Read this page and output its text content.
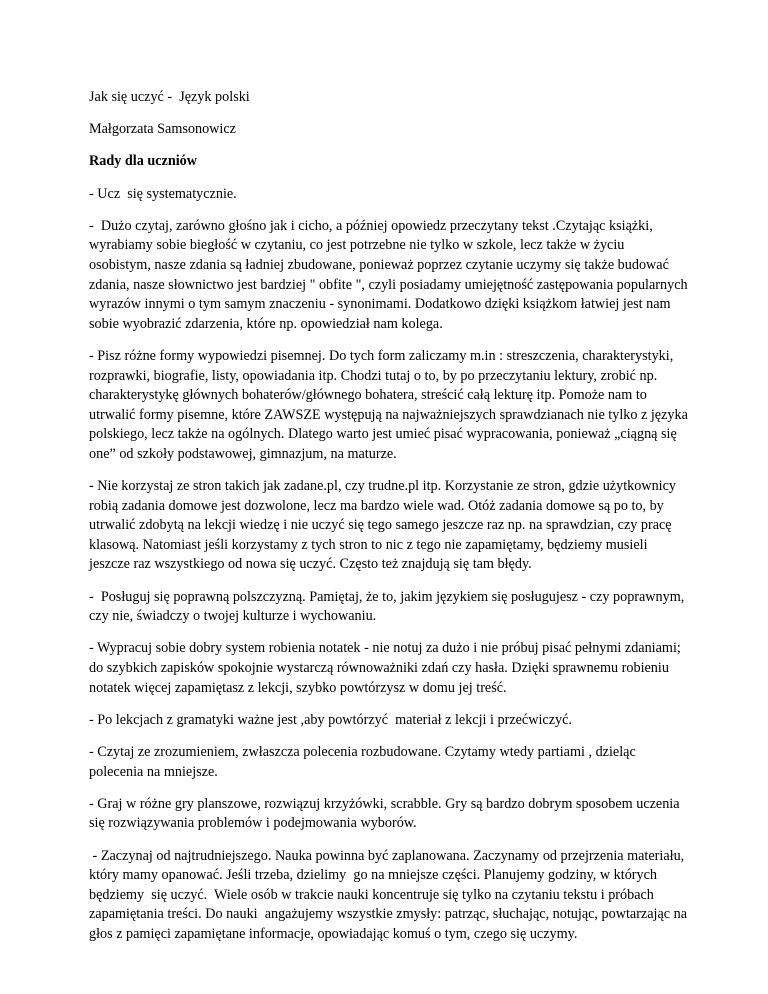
Jak się uczyć -  Język polski
Małgorzata Samsonowicz
Rady dla uczniów
- Ucz  się systematycznie.
-  Dużo czytaj, zarówno głośno jak i cicho, a później opowiedz przeczytany tekst .Czytając książki, wyrabiamy sobie biegłość w czytaniu, co jest potrzebne nie tylko w szkole, lecz także w życiu osobistym, nasze zdania są ładniej zbudowane, ponieważ poprzez czytanie uczymy się także budować zdania, nasze słownictwo jest bardziej " obfite ", czyli posiadamy umiejętność zastępowania popularnych wyrazów innymi o tym samym znaczeniu - synonimami. Dodatkowo dzięki książkom łatwiej jest nam sobie wyobrazić zdarzenia, które np. opowiedział nam kolega.
- Pisz różne formy wypowiedzi pisemnej. Do tych form zaliczamy m.in : streszczenia, charakterystyki, rozprawki, biografie, listy, opowiadania itp. Chodzi tutaj o to, by po przeczytaniu lektury, zrobić np. charakterystykę głównych bohaterów/głównego bohatera, streścić całą lekturę itp. Pomoże nam to utrwalić formy pisemne, które ZAWSZE występują na najważniejszych sprawdzianach nie tylko z języka polskiego, lecz także na ogólnych. Dlatego warto jest umieć pisać wypracowania, ponieważ „ciągną się one” od szkoły podstawowej, gimnazjum, na maturze.
- Nie korzystaj ze stron takich jak zadane.pl, czy trudne.pl itp. Korzystanie ze stron, gdzie użytkownicy robią zadania domowe jest dozwolone, lecz ma bardzo wiele wad. Otóż zadania domowe są po to, by utrwalić zdobytą na lekcji wiedzę i nie uczyć się tego samego jeszcze raz np. na sprawdzian, czy pracę klasową. Natomiast jeśli korzystamy z tych stron to nic z tego nie zapamiętamy, będziemy musieli jeszcze raz wszystkiego od nowa się uczyć. Często też znajdują się tam błędy.
-  Posługuj się poprawną polszczyzną. Pamiętaj, że to, jakim językiem się posługujesz - czy poprawnym, czy nie, świadczy o twojej kulturze i wychowaniu.
- Wypracuj sobie dobry system robienia notatek - nie notuj za dużo i nie próbuj pisać pełnymi zdaniami; do szybkich zapisków spokojnie wystarczą równoważniki zdań czy hasła. Dzięki sprawnemu robieniu notatek więcej zapamiętasz z lekcji, szybko powtórzysz w domu jej treść.
- Po lekcjach z gramatyki ważne jest ,aby powtórzyć  materiał z lekcji i przećwiczyć.
- Czytaj ze zrozumieniem, zwłaszcza polecenia rozbudowane. Czytamy wtedy partiami , dzieląc polecenia na mniejsze.
- Graj w różne gry planszowe, rozwiązuj krzyżówki, scrabble. Gry są bardzo dobrym sposobem uczenia się rozwiązywania problemów i podejmowania wyborów.
- Zaczynaj od najtrudniejszego. Nauka powinna być zaplanowana. Zaczynamy od przejrzenia materiału, który mamy opanować. Jeśli trzeba, dzielimy  go na mniejsze części. Planujemy godziny, w których będziemy  się uczyć.  Wiele osób w trakcie nauki koncentruje się tylko na czytaniu tekstu i próbach zapamiętania treści. Do nauki  angażujemy wszystkie zmysły: patrząc, słuchając, notując, powtarzając na głos z pamięci zapamiętane informacje, opowiadając komuś o tym, czego się uczymy.
